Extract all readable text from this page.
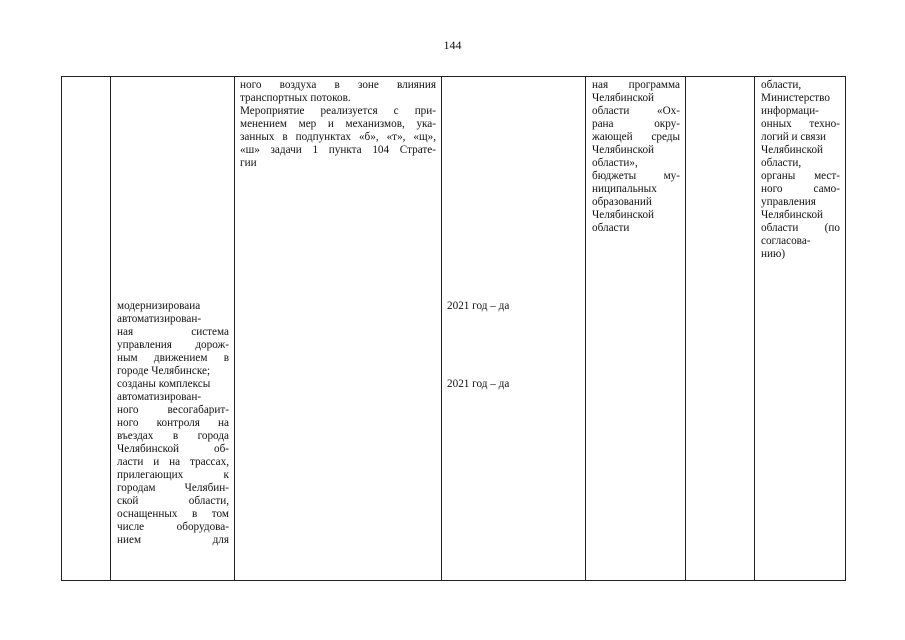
144
ного воздуха в зоне влияния
транспортных потоков.
Мероприятие реализуется с при-
менением мер и механизмов, ука-
занных в подпунктах «б», «т», «щ»,
«ш» задачи 1 пункта 104 Страте-
гии
ная программа
Челябинской
области «Ох-
рана окру-
жающей среды
Челябинской
области»,
бюджеты му-
ниципальных
образований
Челябинской
области
области,
Министерство
информаци-
онных техно-
логий и связи
Челябинской
области,
органы мест-
ного само-
управления
Челябинской
области (по
согласова-
нию)
модернизироваиа
автоматизирован-
ная система
управления дорож-
ным движением в
городе Челябинске;
созданы комплексы
автоматизирован-
ного весогабарит-
ного контроля на
въездах в города
Челябинской об-
ласти и на трассах,
прилегающих к
городам Челябин-
ской области,
оснащенных в том
числе оборудова-
нием для
2021 год – да
2021 год – да
